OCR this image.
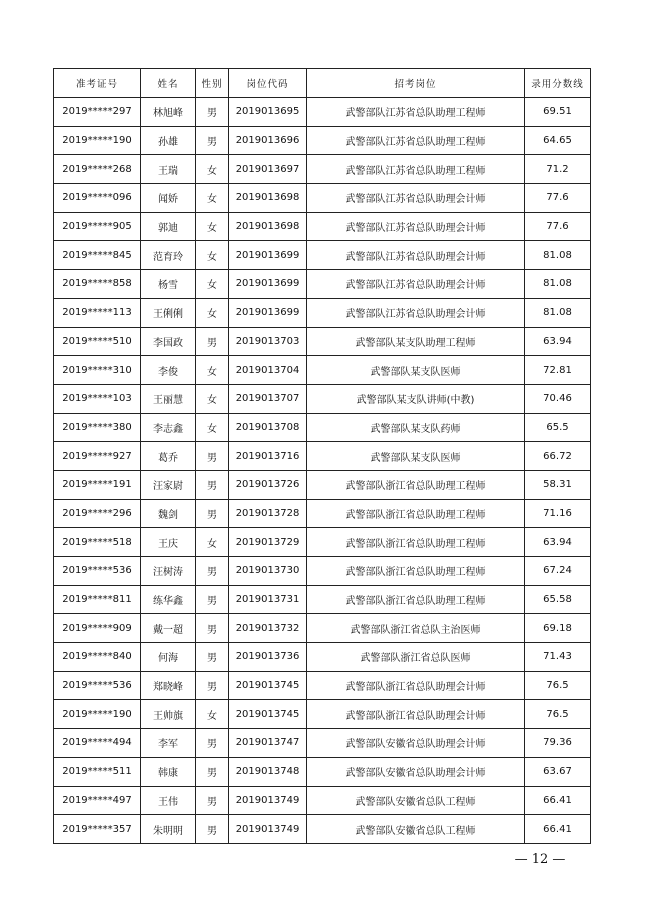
准考证号	姓名	性别	岗位代码	招考岗位	录用分数线
2019*****297	林旭峰	男	2019013695	武警部队江苏省总队助理工程师	69.51
2019*****190	孙雄	男	2019013696	武警部队江苏省总队助理工程师	64.65
2019*****268	王瑞	女	2019013697	武警部队江苏省总队助理工程师	71.2
2019*****096	闻娇	女	2019013698	武警部队江苏省总队助理会计师	77.6
2019*****905	郭迪	女	2019013698	武警部队江苏省总队助理会计师	77.6
2019*****845	范育玲	女	2019013699	武警部队江苏省总队助理会计师	81.08
2019*****858	杨雪	女	2019013699	武警部队江苏省总队助理会计师	81.08
2019*****113	王俐俐	女	2019013699	武警部队江苏省总队助理会计师	81.08
2019*****510	李国政	男	2019013703	武警部队某支队助理工程师	63.94
2019*****310	李俊	女	2019013704	武警部队某支队医师	72.81
2019*****103	王丽慧	女	2019013707	武警部队某支队讲师(中教)	70.46
2019*****380	李志鑫	女	2019013708	武警部队某支队药师	65.5
2019*****927	葛乔	男	2019013716	武警部队某支队医师	66.72
2019*****191	汪家尉	男	2019013726	武警部队浙江省总队助理工程师	58.31
2019*****296	魏剑	男	2019013728	武警部队浙江省总队助理工程师	71.16
2019*****518	王庆	女	2019013729	武警部队浙江省总队助理工程师	63.94
2019*****536	汪树涛	男	2019013730	武警部队浙江省总队助理工程师	67.24
2019*****811	练华鑫	男	2019013731	武警部队浙江省总队助理工程师	65.58
2019*****909	戴一超	男	2019013732	武警部队浙江省总队主治医师	69.18
2019*****840	何海	男	2019013736	武警部队浙江省总队医师	71.43
2019*****536	郑晓峰	男	2019013745	武警部队浙江省总队助理会计师	76.5
2019*****190	王帅旗	女	2019013745	武警部队浙江省总队助理会计师	76.5
2019*****494	李军	男	2019013747	武警部队安徽省总队助理会计师	79.36
2019*****511	韩康	男	2019013748	武警部队安徽省总队助理会计师	63.67
2019*****497	王伟	男	2019013749	武警部队安徽省总队工程师	66.41
2019*****357	朱明明	男	2019013749	武警部队安徽省总队工程师	66.41
— 12 —
